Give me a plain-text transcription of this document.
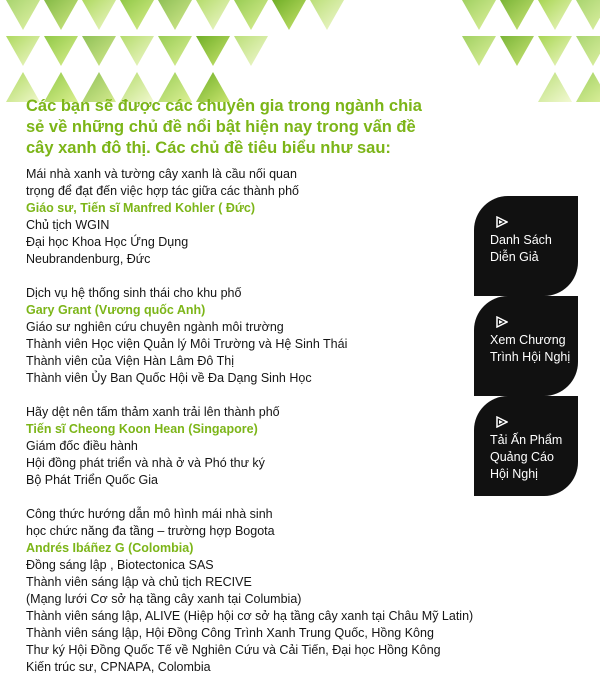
Các bạn sẽ được các chuyên gia trong ngành chia
sẻ về những chủ đề nổi bật hiện nay trong vấn đề
cây xanh đô thị. Các chủ đề tiêu biểu như sau:
Mái nhà xanh và tường cây xanh là cầu nối quan
trọng để đạt đến việc hợp tác giữa các thành phố
Giáo sư, Tiến sĩ Manfred Kohler ( Đức)
Chủ tịch WGIN
Đại học Khoa Học Ứng Dụng
Neubrandenburg, Đức
Dịch vụ hệ thống sinh thái cho khu phố
Gary Grant (Vương quốc Anh)
Giáo sư nghiên cứu chuyên ngành môi trường
Thành viên Học viện Quản lý Môi Trường và Hệ Sinh Thái
Thành viên của Viện Hàn Lâm Đô Thị
Thành viên Ủy Ban Quốc Hội về Đa Dạng Sinh Học
Hãy dệt nên tấm thảm xanh trải lên thành phố
Tiến sĩ Cheong Koon Hean (Singapore)
Giám đốc điều hành
Hội đồng phát triển và nhà ở và Phó thư ký
Bộ Phát Triển Quốc Gia
Công thức hướng dẫn mô hình mái nhà sinh
học chức năng đa tầng – trường hợp Bogota
Andrés Ibáñez G (Colombia)
Đồng sáng lập , Biotectonica SAS
Thành viên sáng lập và chủ tịch RECIVE
(Mạng lưới Cơ sở hạ tầng cây xanh tại Columbia)
Thành viên sáng lập, ALIVE (Hiệp hội cơ sở hạ tầng cây xanh tại Châu Mỹ Latin)
Thành viên sáng lập, Hội Đồng Công Trình Xanh Trung Quốc, Hồng Kông
Thư ký Hội Đồng Quốc Tế về Nghiên Cứu và Cải Tiến, Đại học Hồng Kông
Kiến trúc sư, CPNAPA, Colombia
Danh Sách Diễn Giả
Xem Chương Trình Hội Nghị
Tải Ấn Phẩm Quảng Cáo Hội Nghị
